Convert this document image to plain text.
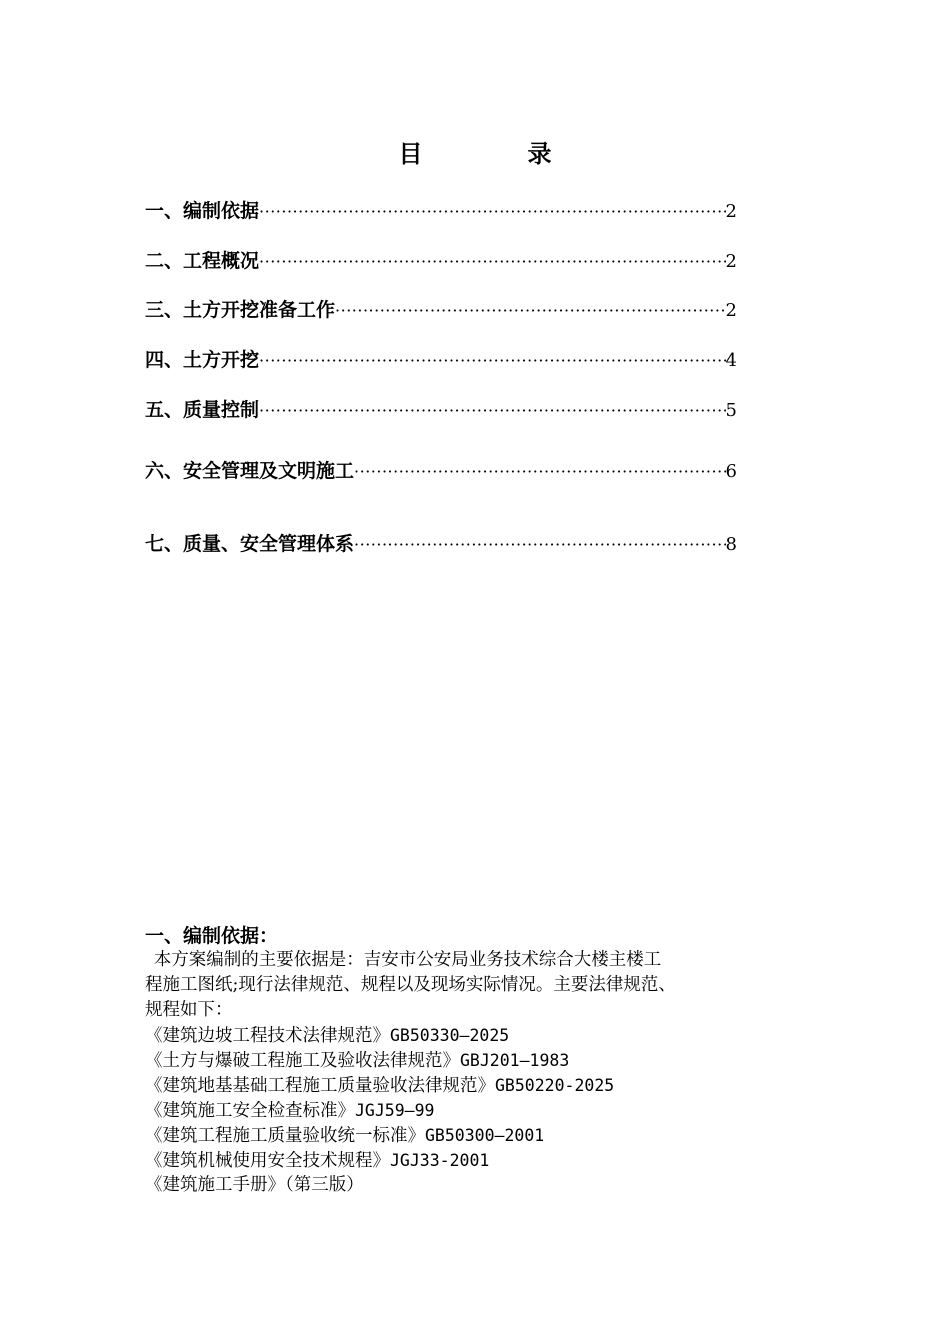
目	录
一、编制依据 ·····	2
二、工程概况 ·····	2
三、土方开挖准备工作 ·····	2
四、土方开挖 ·····	4
五、质量控制 ·····	5
六、安全管理及文明施工 ·····	6
七、质量、安全管理体系 ·····	8
一、编制依据：

本方案编制的主要依据是：吉安市公安局业务技术综合大楼主楼工

程施工图纸;现行法律规范、规程以及现场实际情况。主要法律规范、

规程如下：

《建筑边坡工程技术法律规范》GB50330—2025
《土方与爆破工程施工及验收法律规范》GBJ201—1983
《建筑地基基础工程施工质量验收法律规范》GB50220-2025
《建筑施工安全检查标准》JGJ59—99
《建筑工程施工质量验收统一标准》GB50300—2001
《建筑机械使用安全技术规程》JGJ33-2001
《建筑施工手册》（第三版）
